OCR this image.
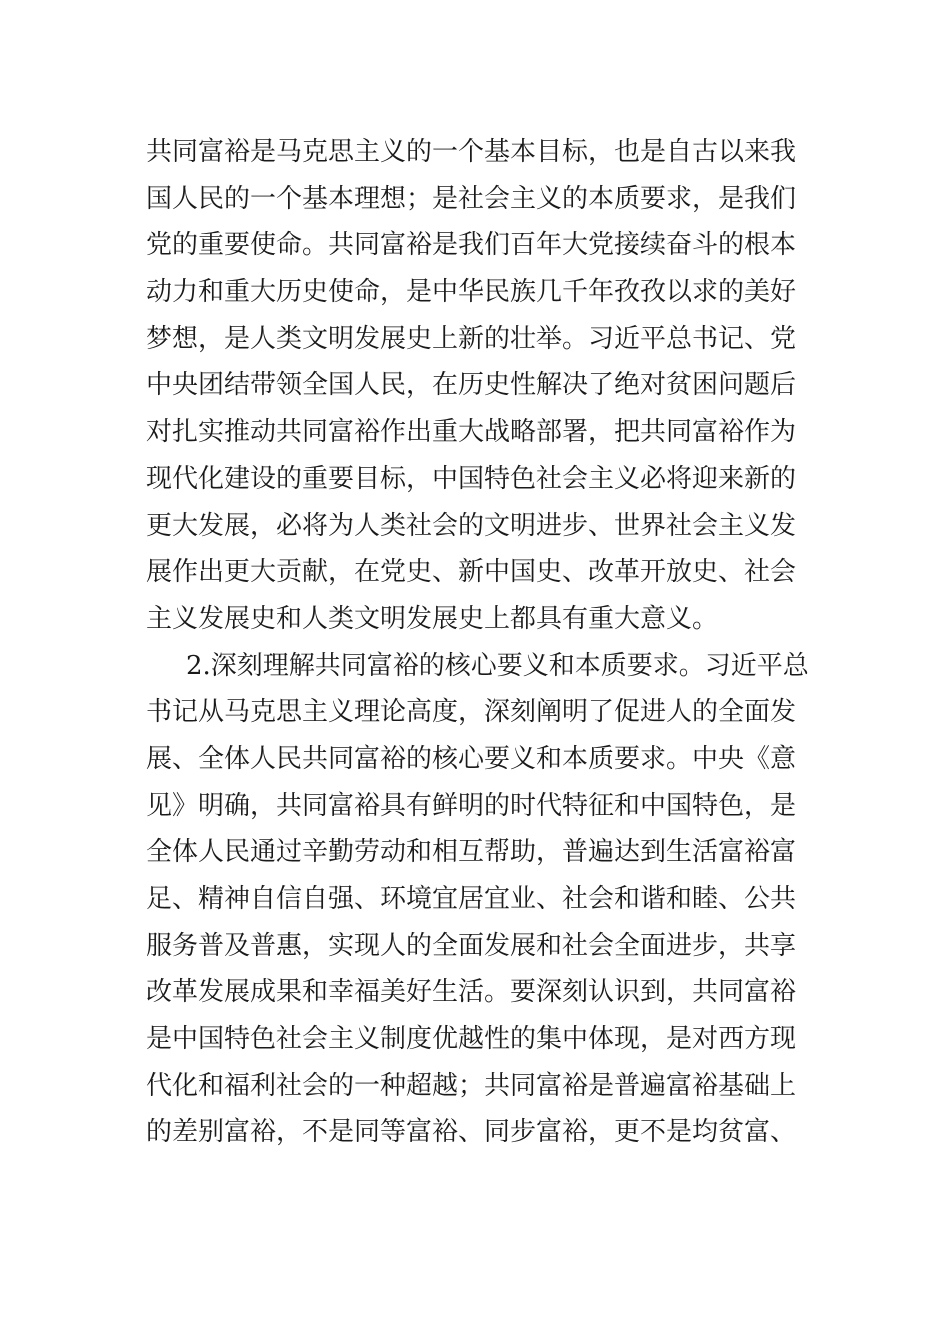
共同富裕是马克思主义的一个基本目标，也是自古以来我
国人民的一个基本理想；是社会主义的本质要求，是我们
党的重要使命。共同富裕是我们百年大党接续奋斗的根本
动力和重大历史使命，是中华民族几千年孜孜以求的美好
梦想，是人类文明发展史上新的壮举。习近平总书记、党
中央团结带领全国人民，在历史性解决了绝对贫困问题后
对扎实推动共同富裕作出重大战略部署，把共同富裕作为
现代化建设的重要目标，中国特色社会主义必将迎来新的
更大发展，必将为人类社会的文明进步、世界社会主义发
展作出更大贡献，在党史、新中国史、改革开放史、社会
主义发展史和人类文明发展史上都具有重大意义。
2.深刻理解共同富裕的核心要义和本质要求。习近平总
书记从马克思主义理论高度，深刻阐明了促进人的全面发
展、全体人民共同富裕的核心要义和本质要求。中央《意
见》明确，共同富裕具有鲜明的时代特征和中国特色，是
全体人民通过辛勤劳动和相互帮助，普遍达到生活富裕富
足、精神自信自强、环境宜居宜业、社会和谐和睦、公共
服务普及普惠，实现人的全面发展和社会全面进步，共享
改革发展成果和幸福美好生活。要深刻认识到，共同富裕
是中国特色社会主义制度优越性的集中体现，是对西方现
代化和福利社会的一种超越；共同富裕是普遍富裕基础上
的差别富裕，不是同等富裕、同步富裕，更不是均贫富、
